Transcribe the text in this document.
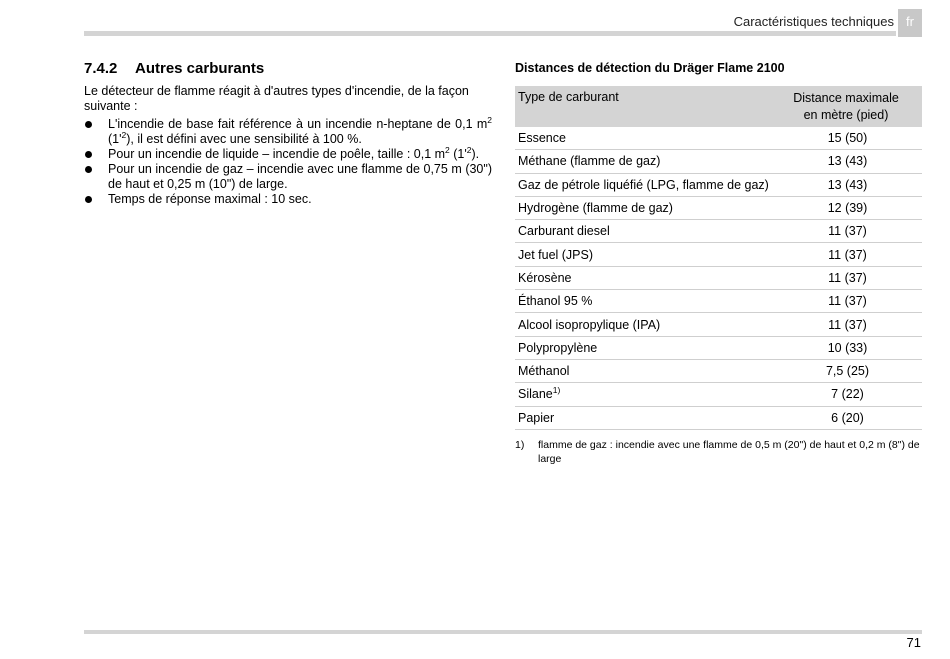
Caractéristiques techniques fr
7.4.2 Autres carburants

Le détecteur de flamme réagit à d'autres types d'incendie, de la façon suivante :

L'incendie de base fait référence à un incendie n-heptane de 0,1 $m^2$ $(1'^2)$, il est défini avec une sensibilité à 100 %.
Pour un incendie de liquide – incendie de poêle, taille : 0,1 $m^2$ $(1'^2)$.
Pour un incendie de gaz – incendie avec une flamme de 0,75 m (30") de haut et 0,25 m (10") de large.
Temps de réponse maximal : 10 sec.
Distances de détection du Dräger Flame 2100
Type de carburant	Distance maximale
en mètre (pied)
Essence	15 (50)
Méthane (flamme de gaz)	13 (43)
Gaz de pétrole liquéfié (LPG, flamme de gaz)	13 (43)
Hydrogène (flamme de gaz)	12 (39)
Carburant diesel	11 (37)
Jet fuel (JPS)	11 (37)
Kérosène	11 (37)
Éthanol 95 %	11 (37)
Alcool isopropylique (IPA)	11 (37)
Polypropylène	10 (33)
Méthanol	7,5 (25)
Silane$^{1)}$	7 (22)
Papier	6 (20)
1) flamme de gaz : incendie avec une flamme de 0,5 m (20") de haut et 0,2 m (8") de large
71
